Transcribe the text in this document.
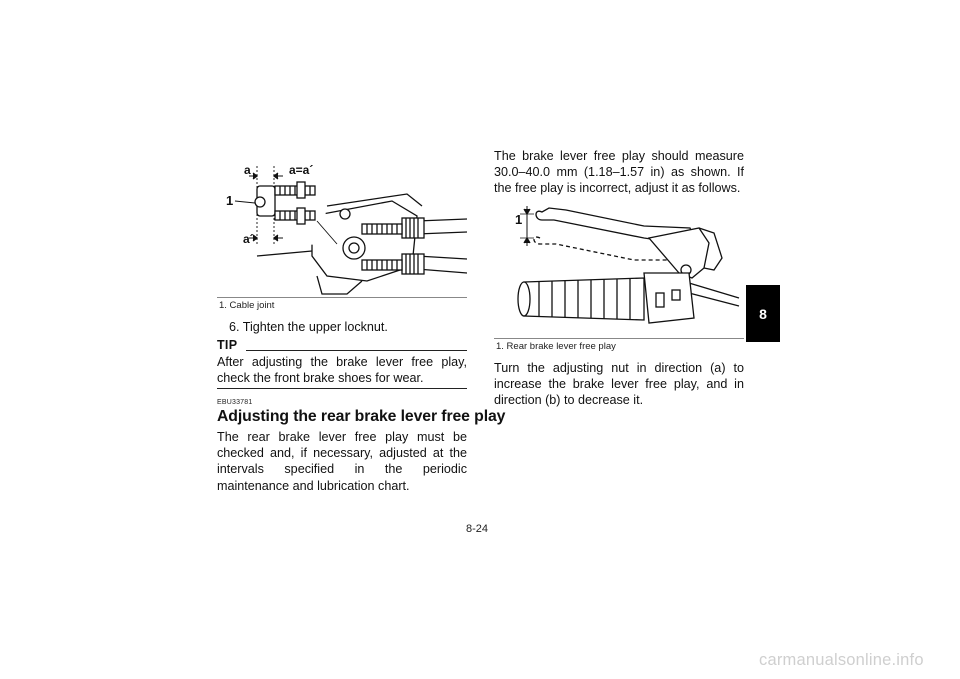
a	a=a´
1
a´
1. Cable joint
6. Tighten the upper locknut.
TIP
After adjusting the brake lever free play, check the front brake shoes for wear.
EBU33781
Adjusting the rear brake lever free play
The rear brake lever free play must be checked and, if necessary, adjusted at the intervals specified in the periodic maintenance and lubrication chart.
The brake lever free play should measure 30.0–40.0 mm (1.18–1.57 in) as shown. If the free play is incorrect, adjust it as follows.
1
1. Rear brake lever free play
Turn the adjusting nut in direction (a) to increase the brake lever free play, and in direction (b) to decrease it.
8
8-24
carmanualsonline.info
